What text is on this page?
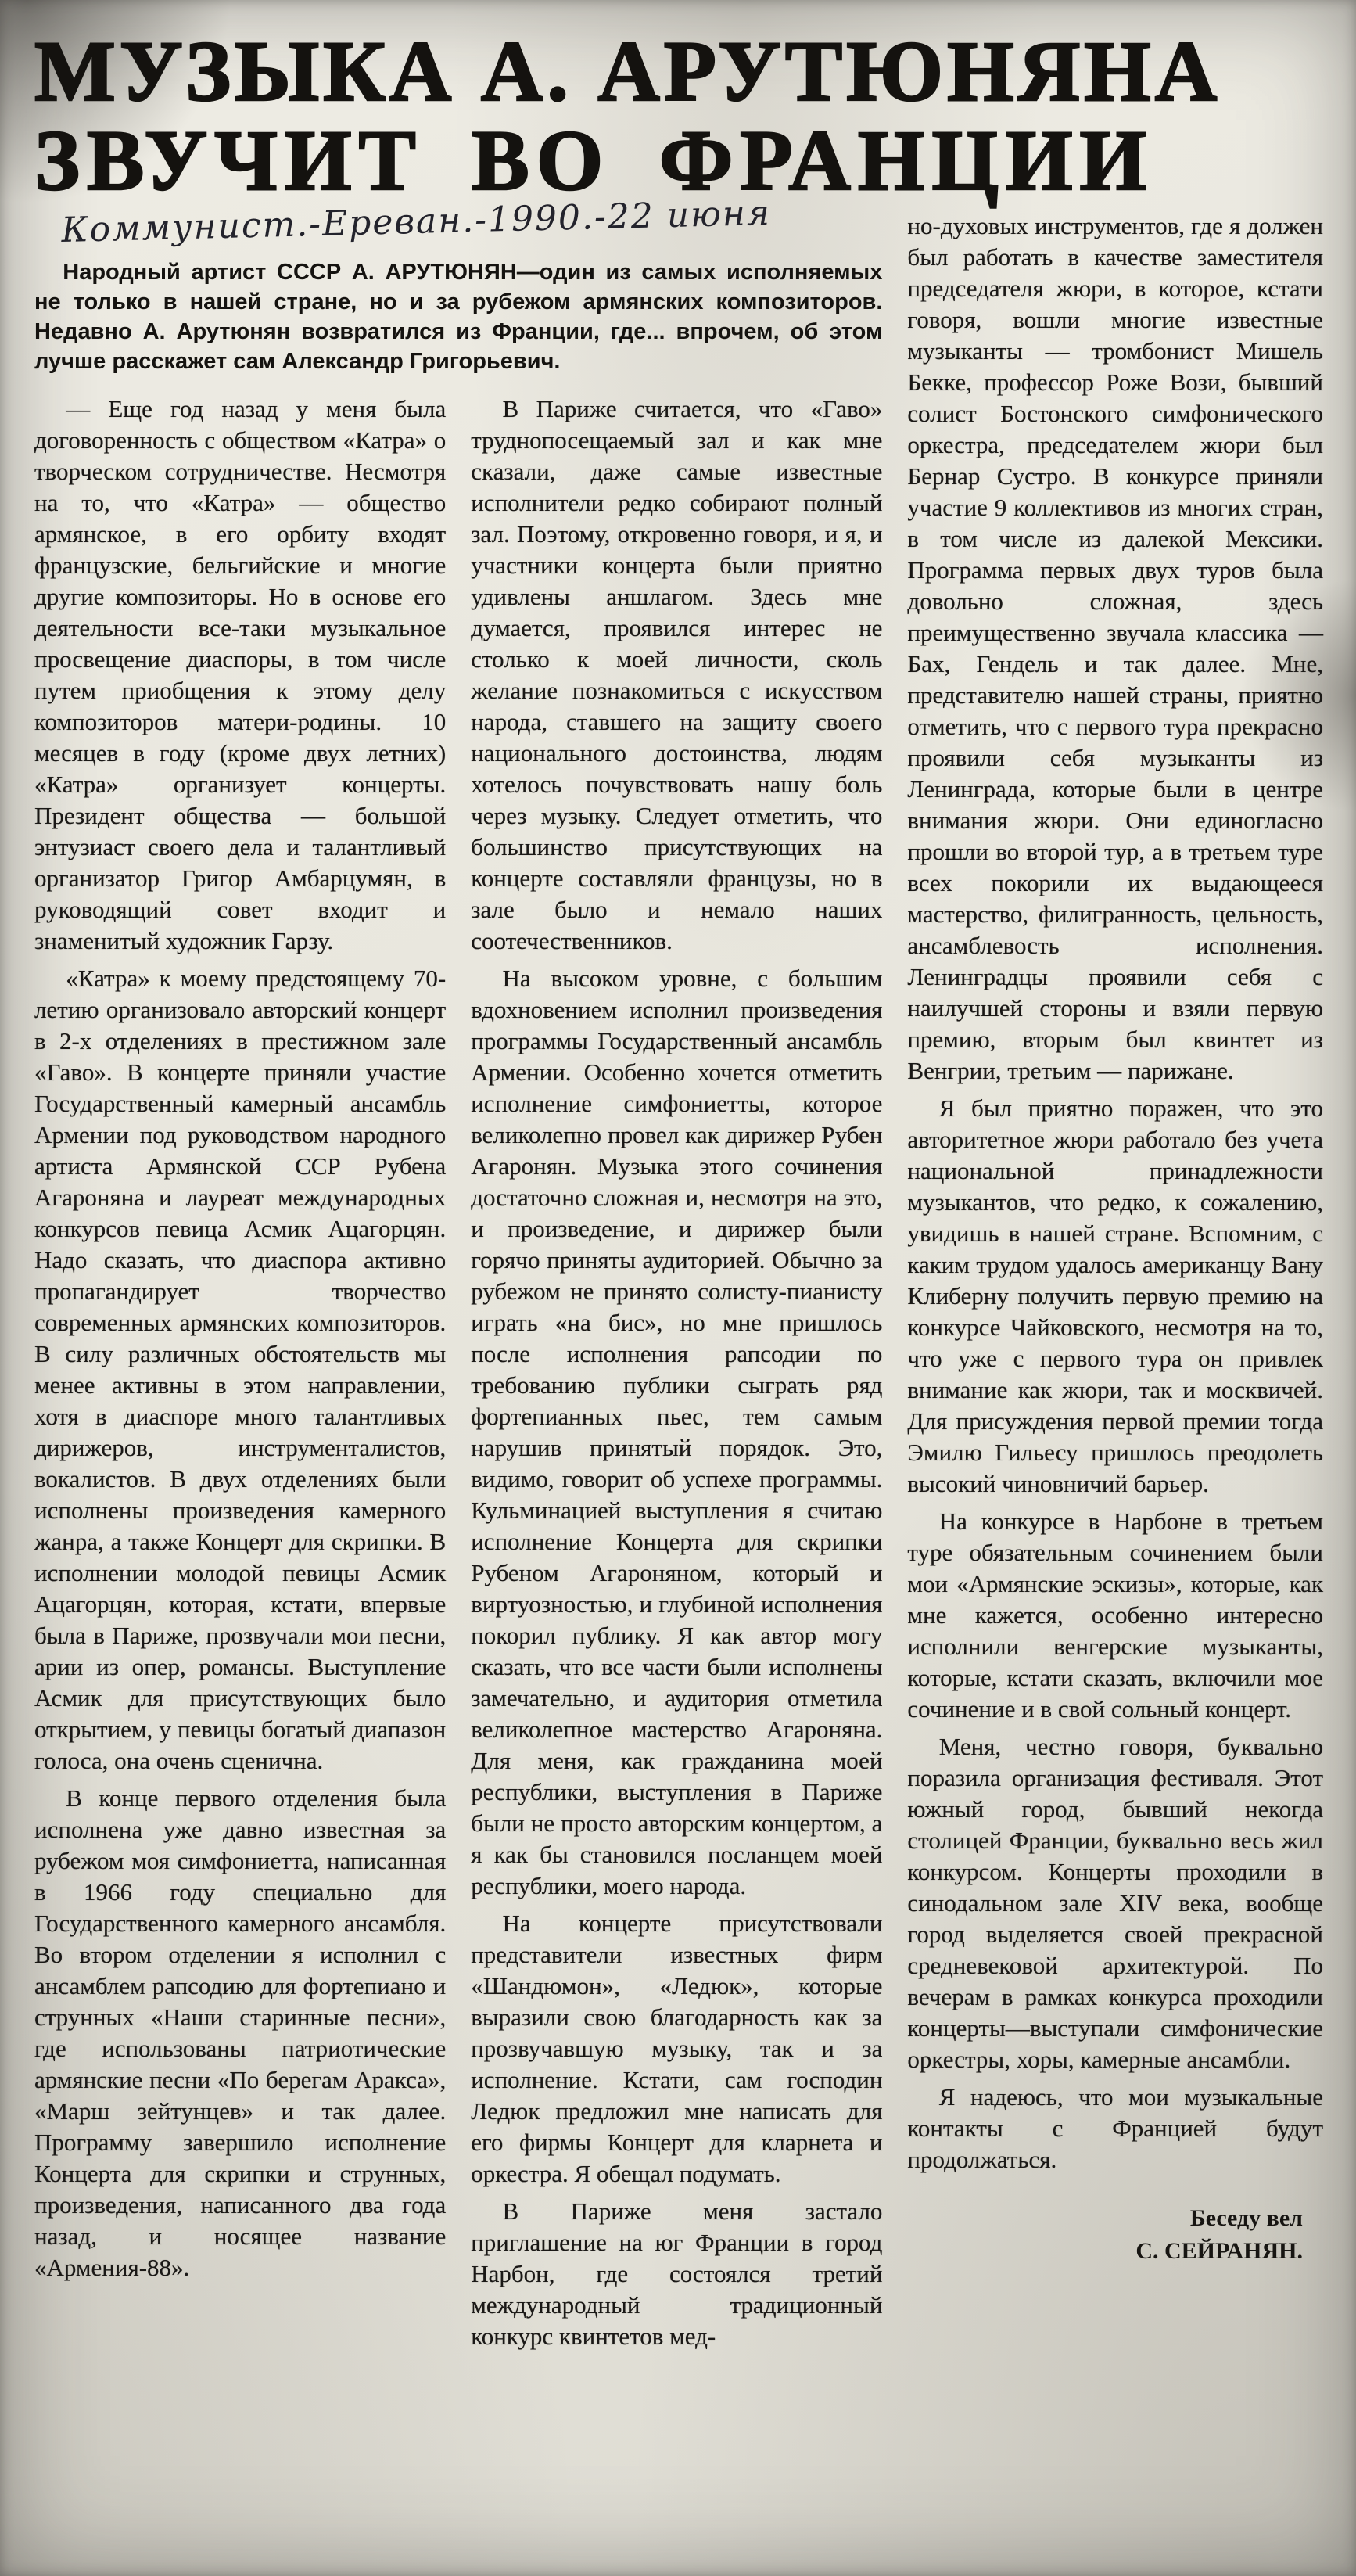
МУЗЫКА А. АРУТЮНЯНА
ЗВУЧИТ ВО ФРАНЦИИ
Коммунист.-Ереван.-1990.-22 июня

Народный артист СССР А. АРУТЮНЯН—один из самых исполняемых не только в нашей стране, но и за рубежом армянских композиторов. Недавно А. Арутюнян возвратился из Франции, где... впрочем, об этом лучше расскажет сам Александр Григорьевич.

— Еще год назад у меня была договоренность с обществом «Катра» о творческом сотрудничестве. Несмотря на то, что «Катра» — общество армянское, в его орбиту входят французские, бельгийские и многие другие композиторы. Но в основе его деятельности все-таки музыкальное просвещение диаспоры, в том числе путем приобщения к этому делу композиторов матери-родины. 10 месяцев в году (кроме двух летних) «Катра» организует концерты. Президент общества — большой энтузиаст своего дела и талантливый организатор Григор Амбарцумян, в руководящий совет входит и знаменитый художник Гарзу.

«Катра» к моему предстоящему 70-летию организовало авторский концерт в 2-х отделениях в престижном зале «Гаво». В концерте приняли участие Государственный камерный ансамбль Армении под руководством народного артиста Армянской ССР Рубена Агароняна и лауреат международных конкурсов певица Асмик Ацагорцян. Надо сказать, что диаспора активно пропагандирует творчество современных армянских композиторов. В силу различных обстоятельств мы менее активны в этом направлении, хотя в диаспоре много талантливых дирижеров, инструменталистов, вокалистов. В двух отделениях были исполнены произведения камерного жанра, а также Концерт для скрипки. В исполнении молодой певицы Асмик Ацагорцян, которая, кстати, впервые была в Париже, прозвучали мои песни, арии из опер, романсы. Выступление Асмик для присутствующих было открытием, у певицы богатый диапазон голоса, она очень сценична.

В конце первого отделения была исполнена уже давно известная за рубежом моя симфониетта, написанная в 1966 году специально для Государственного камерного ансамбля. Во втором отделении я исполнил с ансамблем рапсодию для фортепиано и струнных «Наши старинные песни», где использованы патриотические армянские песни «По берегам Аракса», «Марш зейтунцев» и так далее. Программу завершило исполнение Концерта для скрипки и струнных, произведения, написанного два года назад, и носящее название «Армения-88».

В Париже считается, что «Гаво» труднопосещаемый зал и как мне сказали, даже самые известные исполнители редко собирают полный зал. Поэтому, откровенно говоря, и я, и участники концерта были приятно удивлены аншлагом. Здесь мне думается, проявился интерес не столько к моей личности, сколь желание познакомиться с искусством народа, ставшего на защиту своего национального достоинства, людям хотелось почувствовать нашу боль через музыку. Следует отметить, что большинство присутствующих на концерте составляли французы, но в зале было и немало наших соотечественников.

На высоком уровне, с большим вдохновением исполнил произведения программы Государственный ансамбль Армении. Особенно хочется отметить исполнение симфониетты, которое великолепно провел как дирижер Рубен Агаронян. Музыка этого сочинения достаточно сложная и, несмотря на это, и произведение, и дирижер были горячо приняты аудиторией. Обычно за рубежом не принято солисту-пианисту играть «на бис», но мне пришлось после исполнения рапсодии по требованию публики сыграть ряд фортепианных пьес, тем самым нарушив принятый порядок. Это, видимо, говорит об успехе программы. Кульминацией выступления я считаю исполнение Концерта для скрипки Рубеном Агароняном, который и виртуозностью, и глубиной исполнения покорил публику. Я как автор могу сказать, что все части были исполнены замечательно, и аудитория отметила великолепное мастерство Агароняна. Для меня, как гражданина моей республики, выступления в Париже были не просто авторским концертом, а я как бы становился посланцем моей республики, моего народа.

На концерте присутствовали представители известных фирм «Шандюмон», «Ледюк», которые выразили свою благодарность как за прозвучавшую музыку, так и за исполнение. Кстати, сам господин Ледюк предложил мне написать для его фирмы Концерт для кларнета и оркестра. Я обещал подумать.

В Париже меня застало приглашение на юг Франции в город Нарбон, где состоялся третий международный традиционный конкурс квинтетов мед-

но-духовых инструментов, где я должен был работать в качестве заместителя председателя жюри, в которое, кстати говоря, вошли многие известные музыканты — тромбонист Мишель Бекке, профессор Роже Вози, бывший солист Бостонского симфонического оркестра, председателем жюри был Бернар Сустро. В конкурсе приняли участие 9 коллективов из многих стран, в том числе из далекой Мексики. Программа первых двух туров была довольно сложная, здесь преимущественно звучала классика — Бах, Гендель и так далее. Мне, представителю нашей страны, приятно отметить, что с первого тура прекрасно проявили себя музыканты из Ленинграда, которые были в центре внимания жюри. Они единогласно прошли во второй тур, а в третьем туре всех покорили их выдающееся мастерство, филигранность, цельность, ансамблевость исполнения. Ленинградцы проявили себя с наилучшей стороны и взяли первую премию, вторым был квинтет из Венгрии, третьим — парижане.

Я был приятно поражен, что это авторитетное жюри работало без учета национальной принадлежности музыкантов, что редко, к сожалению, увидишь в нашей стране. Вспомним, с каким трудом удалось американцу Вану Клиберну получить первую премию на конкурсе Чайковского, несмотря на то, что уже с первого тура он привлек внимание как жюри, так и москвичей. Для присуждения первой премии тогда Эмилю Гильесу пришлось преодолеть высокий чиновничий барьер.

На конкурсе в Нарбоне в третьем туре обязательным сочинением были мои «Армянские эскизы», которые, как мне кажется, особенно интересно исполнили венгерские музыканты, которые, кстати сказать, включили мое сочинение и в свой сольный концерт.

Меня, честно говоря, буквально поразила организация фестиваля. Этот южный город, бывший некогда столицей Франции, буквально весь жил конкурсом. Концерты проходили в синодальном зале XIV века, вообще город выделяется своей прекрасной средневековой архитектурой. По вечерам в рамках конкурса проходили концерты—выступали симфонические оркестры, хоры, камерные ансамбли.

Я надеюсь, что мои музыкальные контакты с Францией будут продолжаться.

Беседу вел
С. СЕЙРАНЯН.
